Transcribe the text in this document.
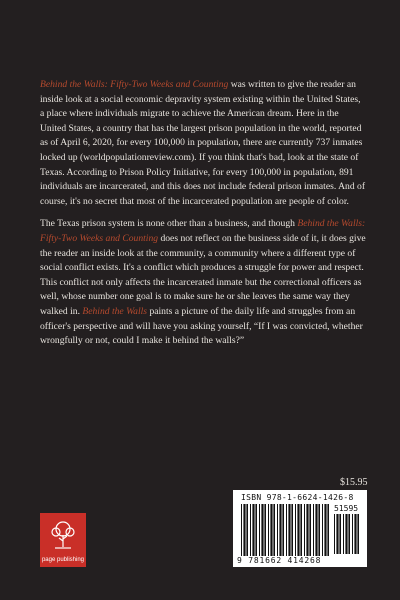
Behind the Walls: Fifty-Two Weeks and Counting was written to give the reader an inside look at a social economic depravity system existing within the United States, a place where individuals migrate to achieve the American dream. Here in the United States, a country that has the largest prison population in the world, reported as of April 6, 2020, for every 100,000 in population, there are currently 737 inmates locked up (worldpopulationreview.com). If you think that's bad, look at the state of Texas. According to Prison Policy Initiative, for every 100,000 in population, 891 individuals are incarcerated, and this does not include federal prison inmates. And of course, it's no secret that most of the incarcerated population are people of color.

The Texas prison system is none other than a business, and though Behind the Walls: Fifty-Two Weeks and Counting does not reflect on the business side of it, it does give the reader an inside look at the community, a community where a different type of social conflict exists. It's a conflict which produces a struggle for power and respect. This conflict not only affects the incarcerated inmate but the correctional officers as well, whose number one goal is to make sure he or she leaves the same way they walked in. Behind the Walls paints a picture of the daily life and struggles from an officer's perspective and will have you asking yourself, “If I was convicted, whether wrongfully or not, could I make it behind the walls?”

$15.95
page publishing
ISBN 978-1-6624-1426-8
51595
9 781662 414268
